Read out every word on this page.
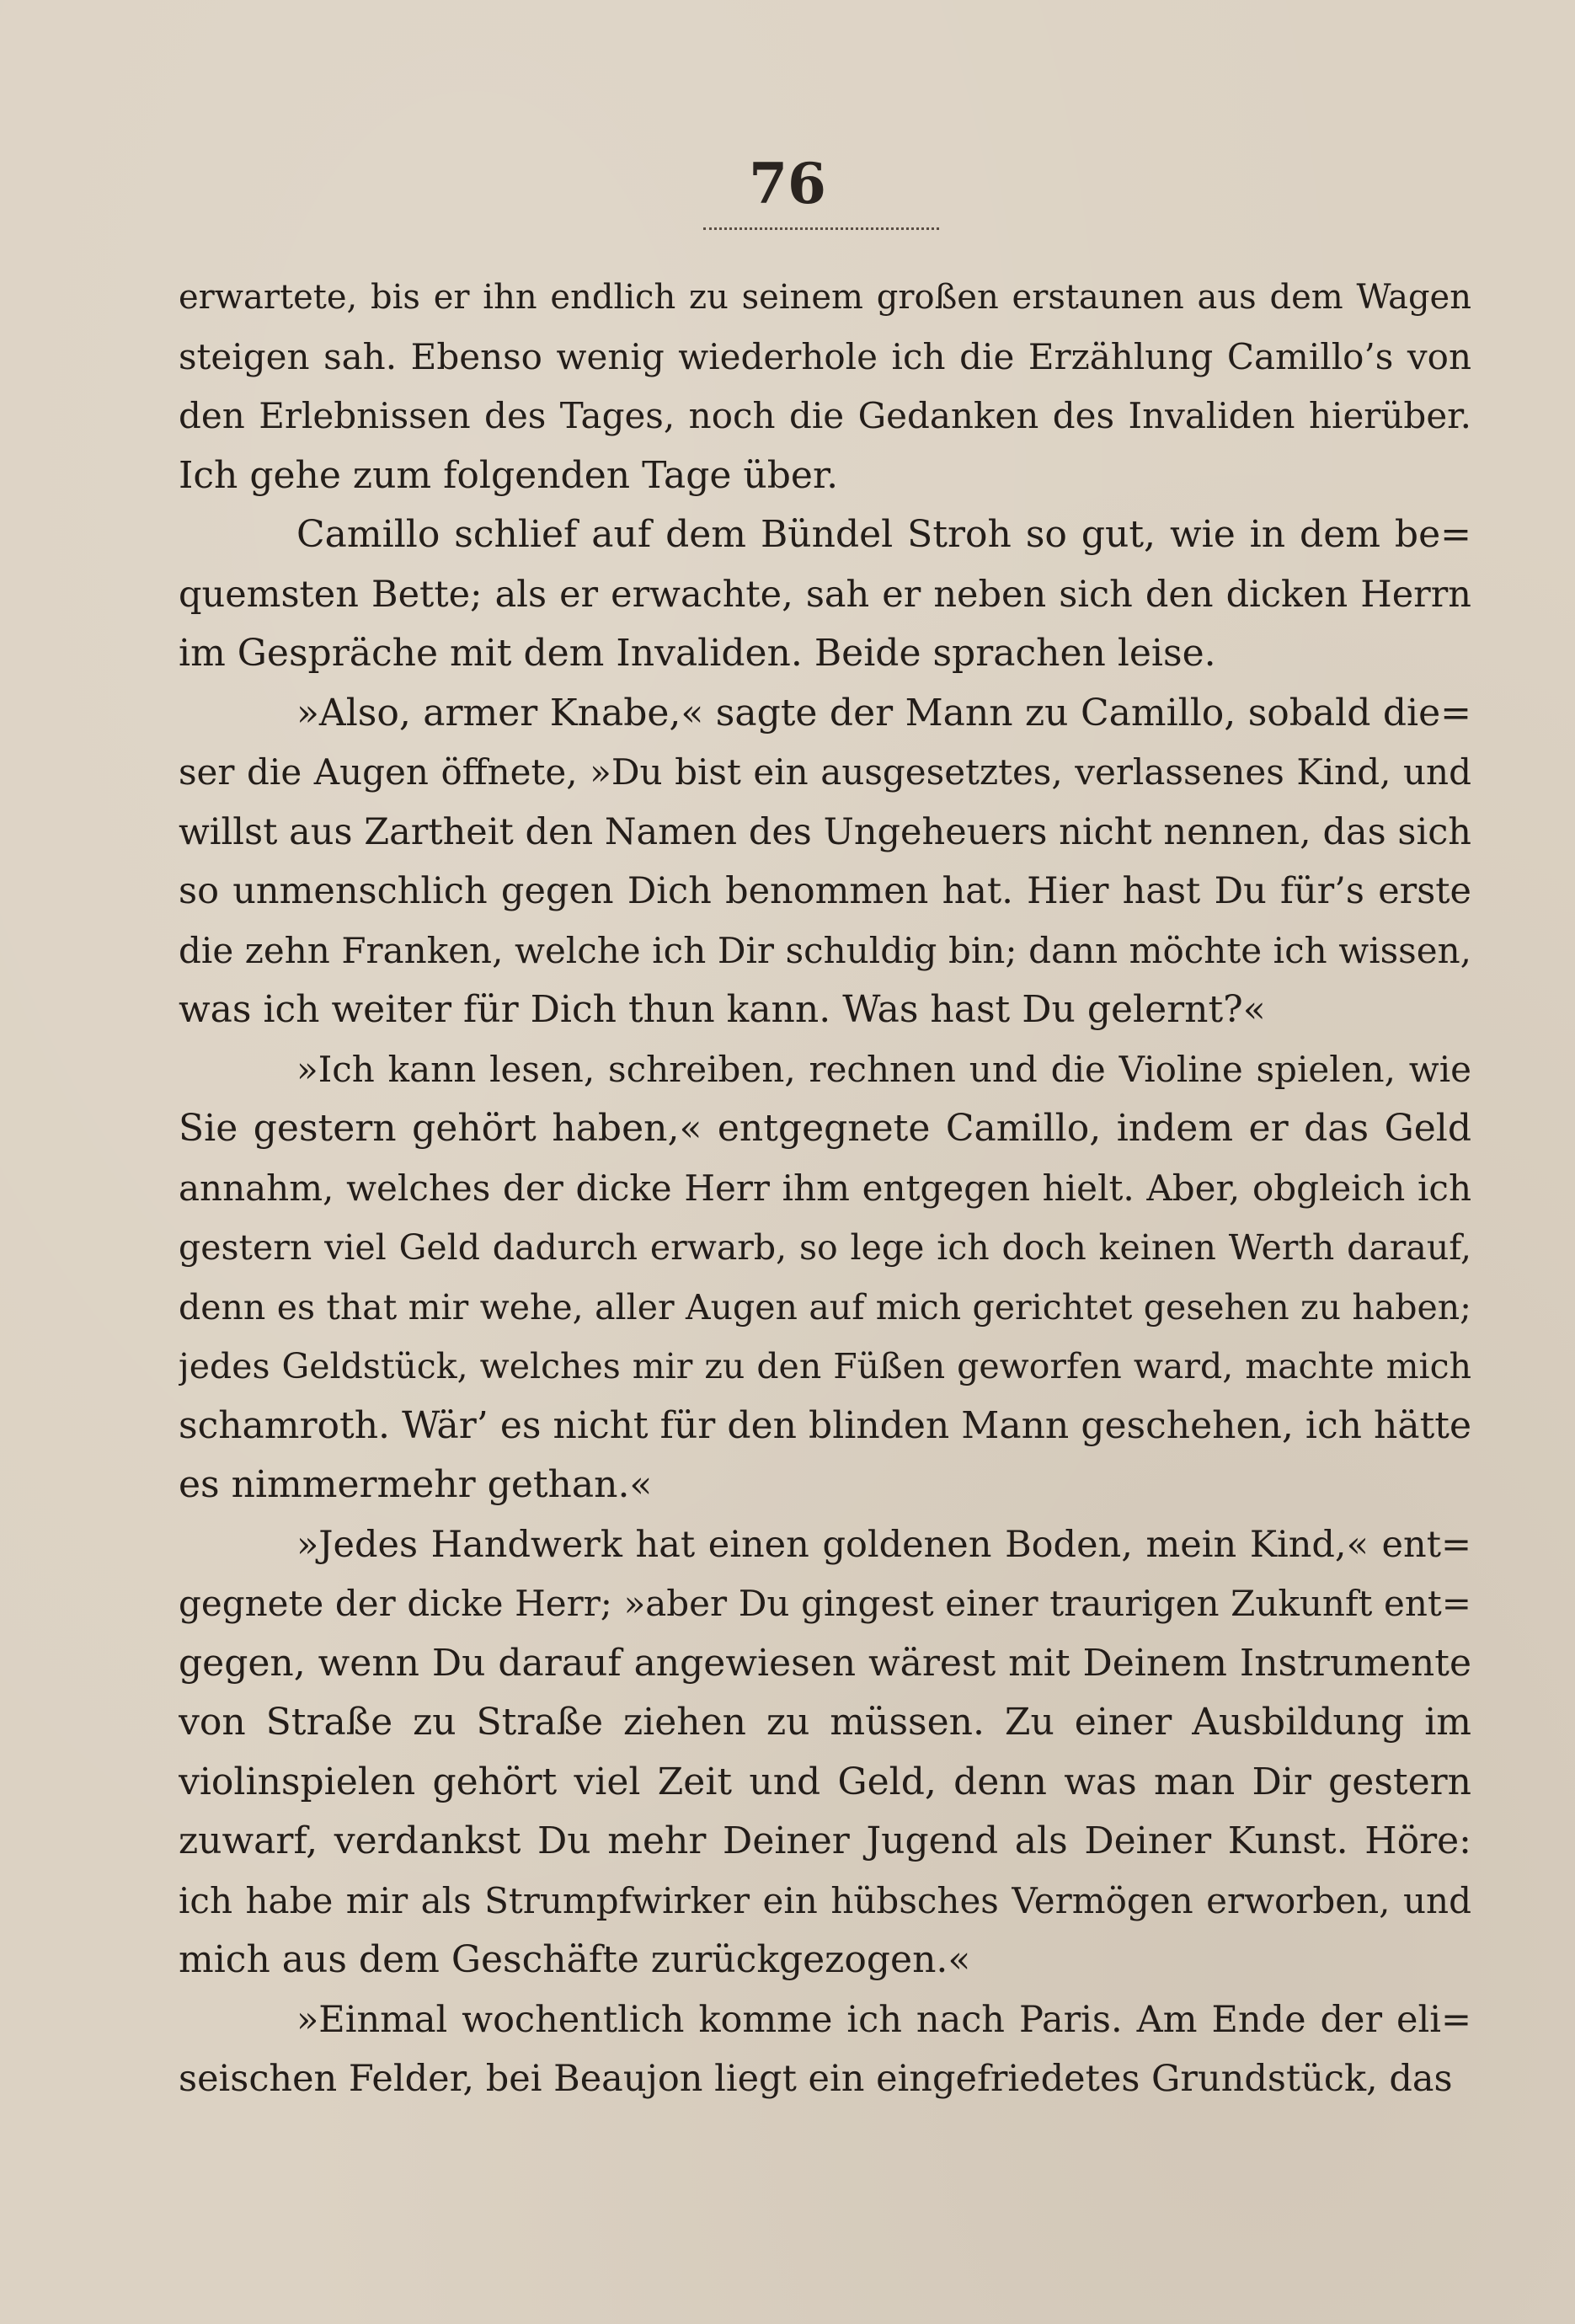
76
erwartete, bis er ihn endlich zu seinem großen erstaunen aus dem Wagen
steigen sah. Ebenso wenig wiederhole ich die Erzählung Camillo’s von
den Erlebnissen des Tages, noch die Gedanken des Invaliden hierüber.
Ich gehe zum folgenden Tage über.
Camillo schlief auf dem Bündel Stroh so gut, wie in dem be=
quemsten Bette; als er erwachte, sah er neben sich den dicken Herrn
im Gespräche mit dem Invaliden. Beide sprachen leise.
»Also, armer Knabe,« sagte der Mann zu Camillo, sobald die=
ser die Augen öffnete, »Du bist ein ausgesetztes, verlassenes Kind, und
willst aus Zartheit den Namen des Ungeheuers nicht nennen, das sich
so unmenschlich gegen Dich benommen hat. Hier hast Du für’s erste
die zehn Franken, welche ich Dir schuldig bin; dann möchte ich wissen,
was ich weiter für Dich thun kann. Was hast Du gelernt?«
»Ich kann lesen, schreiben, rechnen und die Violine spielen, wie
Sie gestern gehört haben,« entgegnete Camillo, indem er das Geld
annahm, welches der dicke Herr ihm entgegen hielt. Aber, obgleich ich
gestern viel Geld dadurch erwarb, so lege ich doch keinen Werth darauf,
denn es that mir wehe, aller Augen auf mich gerichtet gesehen zu haben;
jedes Geldstück, welches mir zu den Füßen geworfen ward, machte mich
schamroth. Wär’ es nicht für den blinden Mann geschehen, ich hätte
es nimmermehr gethan.«
»Jedes Handwerk hat einen goldenen Boden, mein Kind,« ent=
gegnete der dicke Herr; »aber Du gingest einer traurigen Zukunft ent=
gegen, wenn Du darauf angewiesen wärest mit Deinem Instrumente
von Straße zu Straße ziehen zu müssen. Zu einer Ausbildung im
violinspielen gehört viel Zeit und Geld, denn was man Dir gestern
zuwarf, verdankst Du mehr Deiner Jugend als Deiner Kunst. Höre:
ich habe mir als Strumpfwirker ein hübsches Vermögen erworben, und
mich aus dem Geschäfte zurückgezogen.«
»Einmal wochentlich komme ich nach Paris. Am Ende der eli=
seischen Felder, bei Beaujon liegt ein eingefriedetes Grundstück, das
